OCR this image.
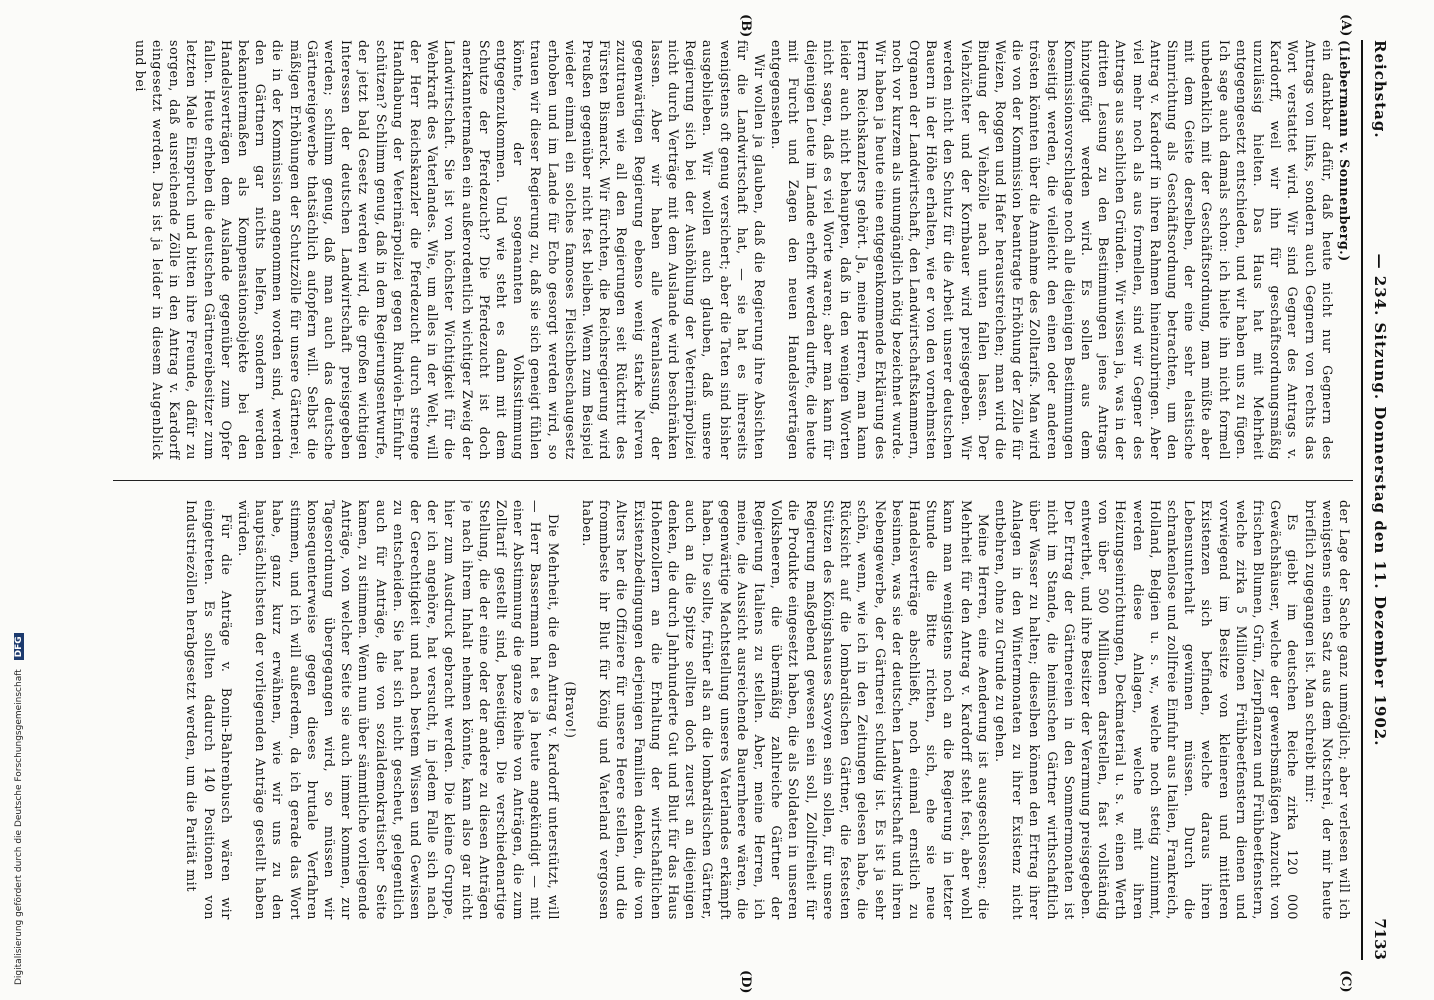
Reichstag.
— 234. Sitzung. Donnerstag den 11. Dezember 1902.
7133
(A)
(B)
(C)
(D)

(Liebermann v. Sonnenberg.)

ein dankbar dafür, daß heute nicht nur Gegnern des Antrags von links, sondern auch Gegnern von rechts das Wort verstattet wird. Wir sind Gegner des Antrags v. Kardorff, weil wir ihn für geschäftsordnungsmäßig unzulässig hielten. Das Haus hat mit Mehrheit entgegengesetzt entschieden, und wir haben uns zu fügen. Ich sage auch damals schon: ich hielte ihn nicht formell unbedenklich mit der Geschäftsordnung, man müßte aber mit dem Geiste derselben, der eine sehr elastische Sinnrichtung als Geschäftsordnung betrachten, um den Antrag v. Kardorff in ihren Rahmen hineinzubringen. Aber viel mehr noch als aus formellen, sind wir Gegner des Antrags aus sachlichen Gründen. Wir wissen ja, was in der dritten Lesung zu den Bestimmungen jenes Antrags hinzugefügt werden wird. Es sollen aus dem Kommissionsvorschlage noch alle diejenigen Bestimmungen beseitigt werden, die vielleicht den einen oder anderen trösten könnten über die Annahme des Zolltarifs. Man wird die von der Kommission beantragte Erhöhung der Zölle für Weizen, Roggen und Hafer herausstreichen; man wird die Bindung der Viehzölle nach unten fallen lassen. Der Viehzüchter und der Kornbauer wird preisgegeben. Wir werden nicht den Schutz für die Arbeit unserer deutschen Bauern in der Höhe erhalten, wie er von den vornehmsten Organen der Landwirtschaft, den Landwirtschaftskammern, noch vor kurzem als unumgänglich nötig bezeichnet wurde. Wir haben ja heute eine entgegenkommende Erklärung des Herrn Reichskanzlers gehört. Ja, meine Herren, man kann leider auch nicht behaupten, daß in den wenigen Worten nicht sagen, daß es viel Worte waren; aber man kann für diejenigen Leute im Lande erhofft werden durfte, die heute mit Furcht und Zagen den neuen Handelsverträgen entgegensehen.

Wir wollen ja glauben, daß die Regierung ihre Absichten für die Landwirtschaft hat, — sie hat es ihrerseits wenigstens oft genug versichert; aber die Taten sind bisher ausgeblieben. Wir wollen auch glauben, daß unsere Regierung sich bei der Aushöhlung der Veterinärpolizei nicht durch Verträge mit dem Auslande wird beschränken lassen. Aber wir haben alle Veranlassung, der gegenwärtigen Regierung ebenso wenig starke Nerven zuzutrauen wie all den Regierungen seit Rücktritt des Fürsten Bismarck. Wir fürchten, die Reichsregierung wird Preußen gegenüber nicht fest bleiben. Wenn zum Beispiel wieder einmal ein solches famoses Fleischbeschaugesetz erhoben und im Lande für Echo gesorgt werden wird, so trauen wir dieser Regierung zu, daß sie sich geneigt fühlen könnte, der sogenannten Volksstimmung entgegenzukommen. Und wie steht es dann mit dem Schutze der Pferdezucht? Die Pferdezucht ist doch anerkanntermaßen ein außerordentlich wichtiger Zweig der Landwirtschaft. Sie ist von höchster Wichtigkeit für die Wehrkraft des Vaterlandes. Wie, um alles in der Welt, will der Herr Reichskanzler die Pferdezucht durch strenge Handhabung der Veterinärpolizei gegen Rindvieh-Einfuhr schützen? Schlimm genug, daß in dem Regierungsentwurfe, der jetzt bald Gesetz werden wird, die großen wichtigen Interessen der deutschen Landwirtschaft preisgegeben werden; schlimm genug, daß man auch das deutsche Gärtnereigewerbe thatsächlich aufopfern will. Selbst die mäßigen Erhöhungen der Schutzzölle für unsere Gärtnerei, die in der Kommission angenommen worden sind, werden den Gärtnern gar nichts helfen, sondern werden bekanntermaßen als Kompensationsobjekte bei den Handelsverträgen dem Auslande gegenüber zum Opfer fallen. Heute erheben die deutschen Gärtnereibesitzer zum letzten Male Einspruch und bitten ihre Freunde, dafür zu sorgen, daß ausreichende Zölle in den Antrag v. Kardorff eingesetzt werden. Das ist ja leider in diesem Augenblick und bei

der Lage der Sache ganz unmöglich; aber verlesen will ich wenigstens einen Satz aus dem Notschrei, der mir heute brieflich zugegangen ist. Man schreibt mir:

Es giebt im deutschen Reiche zirka 120 000 Gewächshäuser, welche der gewerbsmäßigen Anzucht von frischen Blumen, Grün, Zierpflanzen und Frühbeetfenstern, welche zirka 5 Millionen Frühbeetfenstern dienen und vorwiegend im Besitze von kleineren und mittleren Existenzen sich befinden, welche daraus ihren Lebensunterhalt gewinnen müssen. Durch die schrankenlose und zollfreie Einfuhr aus Italien, Frankreich, Holland, Belgien u. s. w., welche noch stetig zunimmt, werden diese Anlagen, welche mit ihren Heizungseinrichtungen, Deckmaterial u. s. w. einen Werth von über 500 Millionen darstellen, fast vollständig entwerthet, und ihre Besitzer der Verarmung preisgegeben. Der Ertrag der Gärtnereien in den Sommermonaten ist nicht im Stande, die heimischen Gärtner wirthschaftlich über Wasser zu halten; dieselben können den Ertrag ihrer Anlagen in den Wintermonaten zu ihrer Existenz nicht entbehren, ohne zu Grunde zu gehen.

Meine Herren, eine Aenderung ist ausgeschlossen; die Mehrheit für den Antrag v. Kardorff steht fest, aber wohl kann man wenigstens noch an die Regierung in letzter Stunde die Bitte richten, sich, ehe sie neue Handelsverträge abschließt, noch einmal ernstlich zu besinnen, was sie der deutschen Landwirtschaft und ihren Nebengewerbe, der Gärtnerei schuldig ist. Es ist ja sehr schön, wenn, wie ich in den Zeitungen gelesen habe, die Rücksicht auf die lombardischen Gärtner, die festesten Stützen des Königshauses Savoyen sein sollen, für unsere Regierung maßgebend gewesen sein soll, Zollfreiheit für die Produkte eingesetzt haben, die als Soldaten in unseren Volksheeren, die übermäßig zahlreiche Gärtner der Regierung Italiens zu stellen. Aber, meine Herren, ich meine, die Aussicht ausreichende Bauernheere wären, die gegenwärtige Machtstellung unseres Vaterlandes erkämpft haben. Die sollte, früher als an die lombardischen Gärtner, auch an die Spitze sollten doch zuerst an diejenigen denken, die durch Jahrhunderte Gut und Blut für das Haus Hohenzollern an die Erhaltung der wirtschaftlichen Existenzbedingungen derjenigen Familien denken, die von Alters her die Offiziere für unsere Heere stellen, und die frommbeste ihr Blut für König und Vaterland vergossen haben.

(Bravo!)

Die Mehrheit, die den Antrag v. Kardorff unterstützt, will — Herr Bassermann hat es ja heute angekündigt — mit einer Abstimmung die ganze Reihe von Anträgen, die zum Zolltarif gestellt sind, beseitigen. Die verschiedenartige Stellung, die der eine oder der andere zu diesen Anträgen je nach ihrem Inhalt nehmen könnte, kann also gar nicht hier zum Ausdruck gebracht werden. Die kleine Gruppe, der ich angehöre, hat versucht, in jedem Falle sich nach der Gerechtigkeit und nach bestem Wissen und Gewissen zu entscheiden. Sie hat sich nicht gescheut, gelegentlich auch für Anträge, die von sozialdemokratischer Seite kamen, zu stimmen. Wenn nun über sämmtliche vorliegende Anträge, von welcher Seite sie auch immer kommen, zur Tagesordnung übergegangen wird, so müssen wir konsequenterweise gegen dieses brutale Verfahren stimmen, und ich will außerdem, da ich gerade das Wort habe, ganz kurz erwähnen, wie wir uns zu den hauptsächlichsten der vorliegenden Anträge gestellt haben würden.

Für die Anträge v. Bonin-Bahrenbusch wären wir eingetreten. Es sollten dadurch 140 Positionen von Industriezöllen herabgesetzt werden, um die Parität mit

Digitalisierung gefördert durch die Deutsche Forschungsgemeinschaft DFG
